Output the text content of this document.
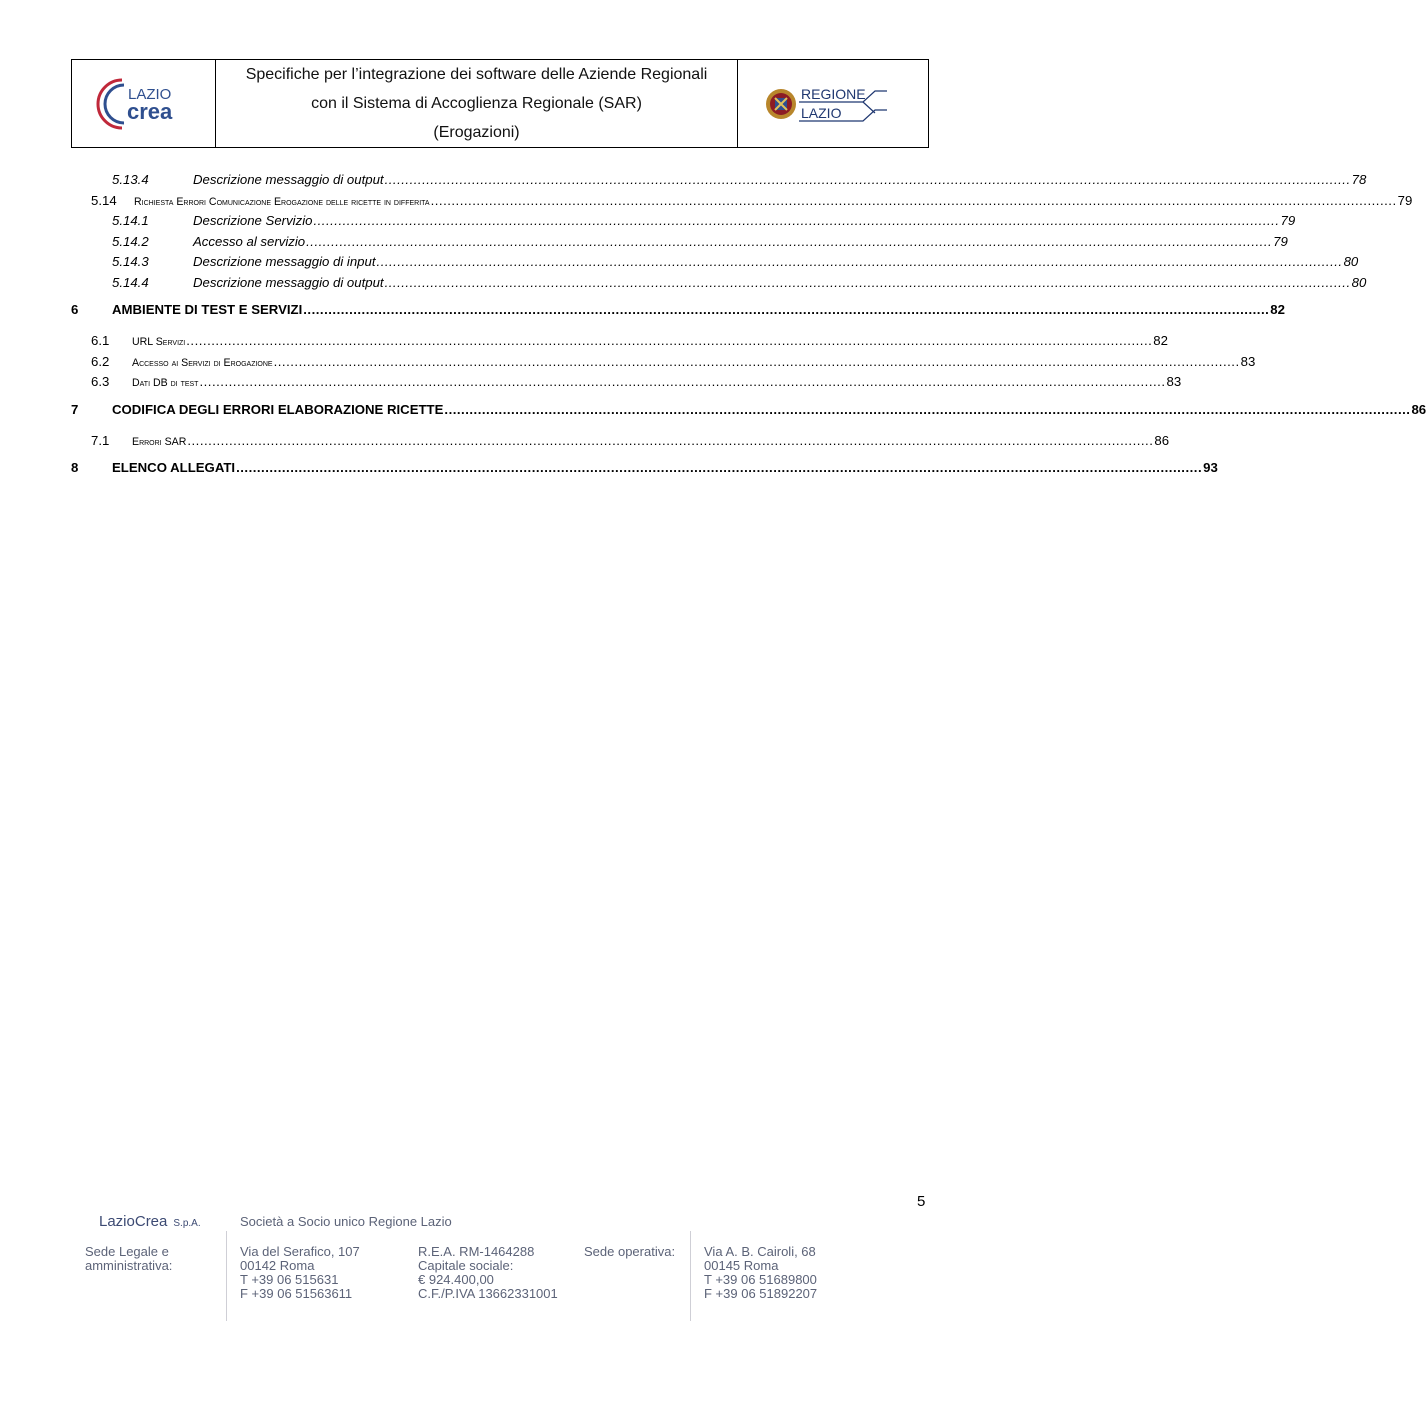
LAZIO
crea
Specifiche per l’integrazione dei software delle Aziende Regionali
con il Sistema di Accoglienza Regionale (SAR)
(Erogazioni)
REGIONE
LAZIO
5.13.4	Descrizione messaggio di output ........................................................................................................................................................................................................................................ 78
5.14	Richiesta Errori Comunicazione Erogazione delle ricette in differita ........................................................................................................................................................................................................................................ 79
5.14.1	Descrizione Servizio ........................................................................................................................................................................................................................................ 79
5.14.2	Accesso al servizio ........................................................................................................................................................................................................................................ 79
5.14.3	Descrizione messaggio di input ........................................................................................................................................................................................................................................ 80
5.14.4	Descrizione messaggio di output ........................................................................................................................................................................................................................................ 80
6	AMBIENTE DI TEST E SERVIZI ........................................................................................................................................................................................................................................ 82
6.1	URL Servizi ........................................................................................................................................................................................................................................ 82
6.2	Accesso ai Servizi di Erogazione ........................................................................................................................................................................................................................................ 83
6.3	Dati DB di test ........................................................................................................................................................................................................................................ 83
7	CODIFICA DEGLI ERRORI ELABORAZIONE RICETTE ........................................................................................................................................................................................................................................ 86
7.1	Errori SAR ........................................................................................................................................................................................................................................ 86
8	ELENCO ALLEGATI ........................................................................................................................................................................................................................................ 93
5
LazioCrea S.p.A.	Società a Socio unico Regione Lazio
Sede Legale e
amministrativa:
Via del Serafico, 107
00142 Roma
T +39 06 515631
F +39 06 51563611
R.E.A. RM-1464288
Capitale sociale:
€ 924.400,00
C.F./P.IVA 13662331001
Sede operativa: Via A. B. Cairoli, 68
00145 Roma
T +39 06 51689800
F +39 06 51892207
